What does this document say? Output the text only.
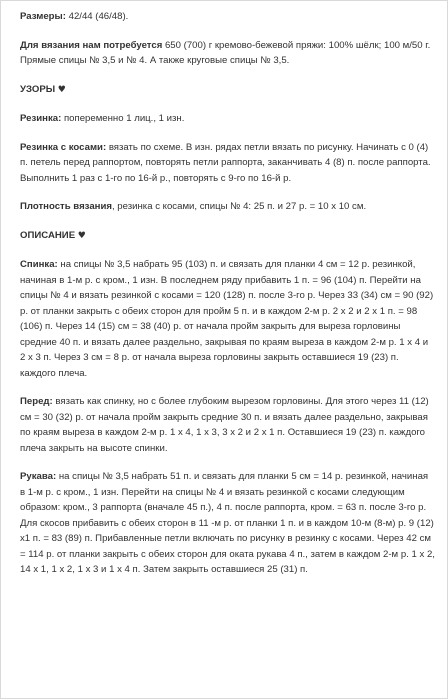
Размеры: 42/44 (46/48).

Для вязания нам потребуется 650 (700) г кремово-бежевой пряжи: 100% шёлк; 100 м/50 г. Прямые спицы № 3,5 и № 4. А также круговые спицы № 3,5.

УЗОРЫ ♥

Резинка: попеременно 1 лиц., 1 изн.

Резинка с косами: вязать по схеме. В изн. рядах петли вязать по рисунку. Начинать с 0 (4) п. петель перед раппортом, повторять петли раппорта, заканчивать 4 (8) п. после раппорта. Выполнить 1 раз с 1-го по 16-й р., повторять с 9-го по 16-й р.

Плотность вязания, резинка с косами, спицы № 4: 25 п. и 27 р. = 10 х 10 см.

ОПИСАНИЕ ♥

Спинка: на спицы № 3,5 набрать 95 (103) п. и связать для планки 4 см = 12 р. резинкой, начиная в 1-м р. с кром., 1 изн. В последнем ряду прибавить 1 п. = 96 (104) п. Перейти на спицы № 4 и вязать резинкой с косами = 120 (128) п. после 3-го р. Через 33 (34) см = 90 (92) р. от планки закрыть с обеих сторон для пройм 5 п. и в каждом 2-м р. 2 х 2 и 2 х 1 п. = 98 (106) п. Через 14 (15) см = 38 (40) р. от начала пройм закрыть для выреза горловины средние 40 п. и вязать далее раздельно, закрывая по краям выреза в каждом 2-м р. 1 х 4 и 2 х 3 п. Через 3 см = 8 р. от начала выреза горловины закрыть оставшиеся 19 (23) п. каждого плеча.

Перед: вязать как спинку, но с более глубоким вырезом горловины. Для этого через 11 (12) см = 30 (32) р. от начала пройм закрыть средние 30 п. и вязать далее раздельно, закрывая по краям выреза в каждом 2-м р. 1 х 4, 1 х 3, 3 х 2 и 2 х 1 п. Оставшиеся 19 (23) п. каждого плеча закрыть на высоте спинки.

Рукава: на спицы № 3,5 набрать 51 п. и связать для планки 5 см = 14 р. резинкой, начиная в 1-м р. с кром., 1 изн. Перейти на спицы № 4 и вязать резинкой с косами следующим образом: кром., 3 раппорта (вначале 45 п.), 4 п. после раппорта, кром. = 63 п. после 3-го р. Для скосов прибавить с обеих сторон в 11 -м р. от планки 1 п. и в каждом 10-м (8-м) р. 9 (12) х1 п. = 83 (89) п. Прибавленные петли включать по рисунку в резинку с косами. Через 42 см = 114 р. от планки закрыть с обеих сторон для оката рукава 4 п., затем в каждом 2-м р. 1 х 2, 14 х 1, 1 х 2, 1 х 3 и 1 х 4 п. Затем закрыть оставшиеся 25 (31) п.
